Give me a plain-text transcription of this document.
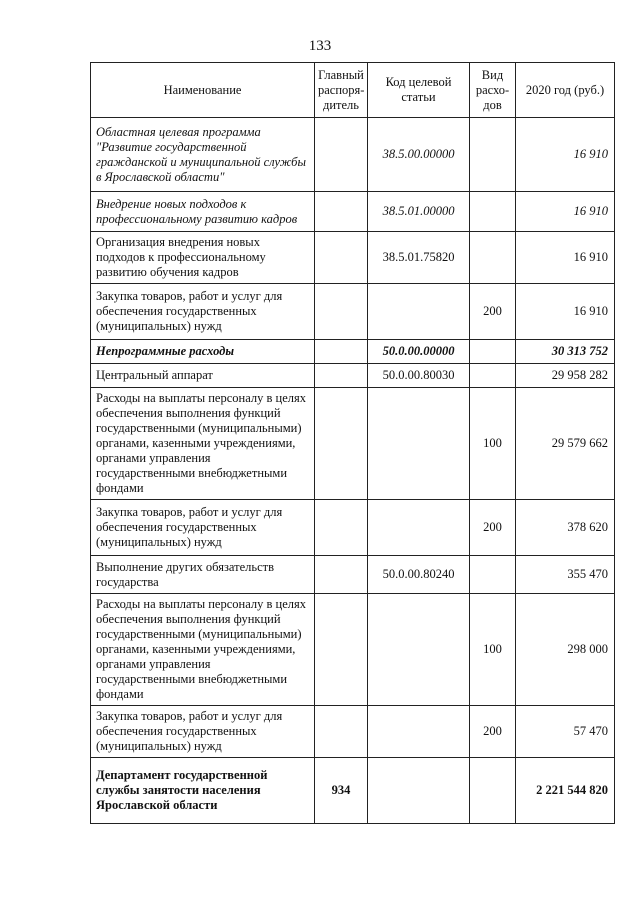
133
Наименование	Главный распоря-дитель	Код целевой статьи	Вид расхо-дов	2020 год (руб.)
Областная целевая программа "Развитие государственной гражданской и муниципальной службы в Ярославской области"		38.5.00.00000		16 910
Внедрение новых подходов к профессиональному развитию кадров		38.5.01.00000		16 910
Организация внедрения новых подходов к профессиональному развитию обучения кадров		38.5.01.75820		16 910
Закупка товаров, работ и услуг для обеспечения государственных (муниципальных) нужд			200	16 910
Непрограммные расходы		50.0.00.00000		30 313 752
Центральный аппарат		50.0.00.80030		29 958 282
Расходы на выплаты персоналу в целях обеспечения выполнения функций государственными (муниципальными) органами, казенными учреждениями, органами управления государственными внебюджетными фондами			100	29 579 662
Закупка товаров, работ и услуг для обеспечения государственных (муниципальных) нужд			200	378 620
Выполнение других обязательств государства		50.0.00.80240		355 470
Расходы на выплаты персоналу в целях обеспечения выполнения функций государственными (муниципальными) органами, казенными учреждениями, органами управления государственными внебюджетными фондами			100	298 000
Закупка товаров, работ и услуг для обеспечения государственных (муниципальных) нужд			200	57 470
Департамент государственной службы занятости населения Ярославской области	934			2 221 544 820
